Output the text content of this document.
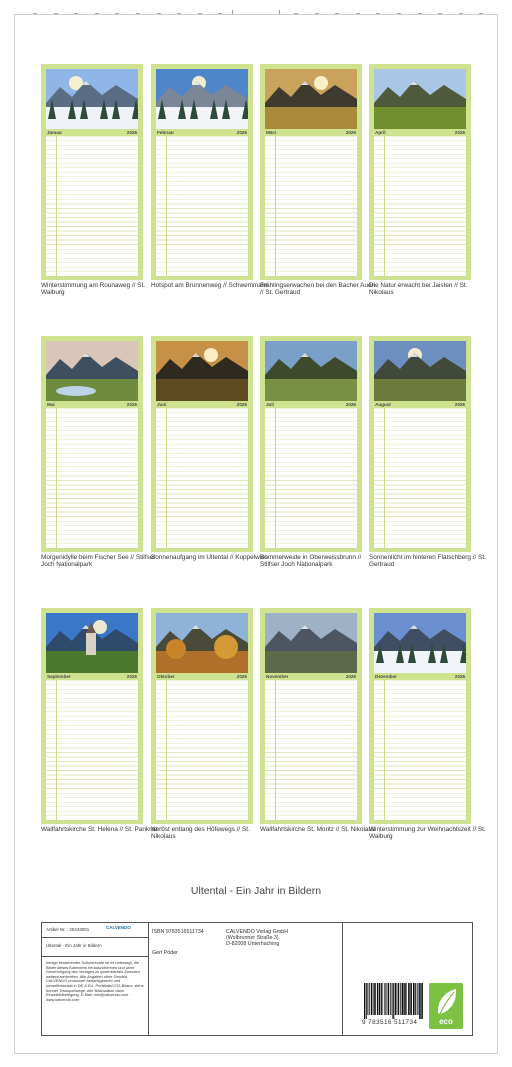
Januar	2026
Winterstimmung am Rounaweg // St. Walburg
Februar	2026
Hotspot am Brunnenweg // Schwemmalm
März	2026
Frühlingserwachen bei den Bacher Auen // St. Gertraud
April	2026
Die Natur erwacht bei Jaisten // St. Nikolaus
Mai	2026
Morgenidylle beim Fischer See // Stilfser Joch Nationalpark
Juni	2026
Sonnenaufgang im Ultental // Kuppelwies
Juli	2026
Sommerweide in Oberweissbrunn // Stilfser Joch Nationalpark
August	2026
Sonnenlicht im hinteren Flatschberg // St. Gertraud
September	2026
Wallfahrtskirche St. Helena // St. Pankraz
Oktober	2026
Herbst entlang des Höfewegs // St. Nikolaus
November	2026
Wallfahrtskirche St. Moritz // St. Nikolaus
Dezember	2026
Winterstimmung zur Weihnachtszeit // St. Walburg
Ultental - Ein Jahr in Bildern
Artikel Nr. : 20443001	CALVENDO
Ultental - Ein Jahr in Bildern
Infolge bestehender Schutzrechte ist es untersagt, die Bilder dieses Kalenders herauszutrennen und ohne Genehmigung des Verlages zu gewerblichen Zwecken weiterzuverbreiten. Alle Angaben ohne Gewähr. CALVENDO produziert bedarfsgerecht und umweltbewusst in DE & EU. Preisliste/CO2-Bilanz: siehe bonner Transportwege. Alle Bildzusätze dann Einzelbildbelegung. E-Mail: info@calvendo.com · www.calvendo.com
ISBN 9783516511734
Gert Pöder
CALVENDO Verlag GmbH
(Wolbrunner Straße 3)
D-82008 Unterhaching
9 783516 511734	eco
